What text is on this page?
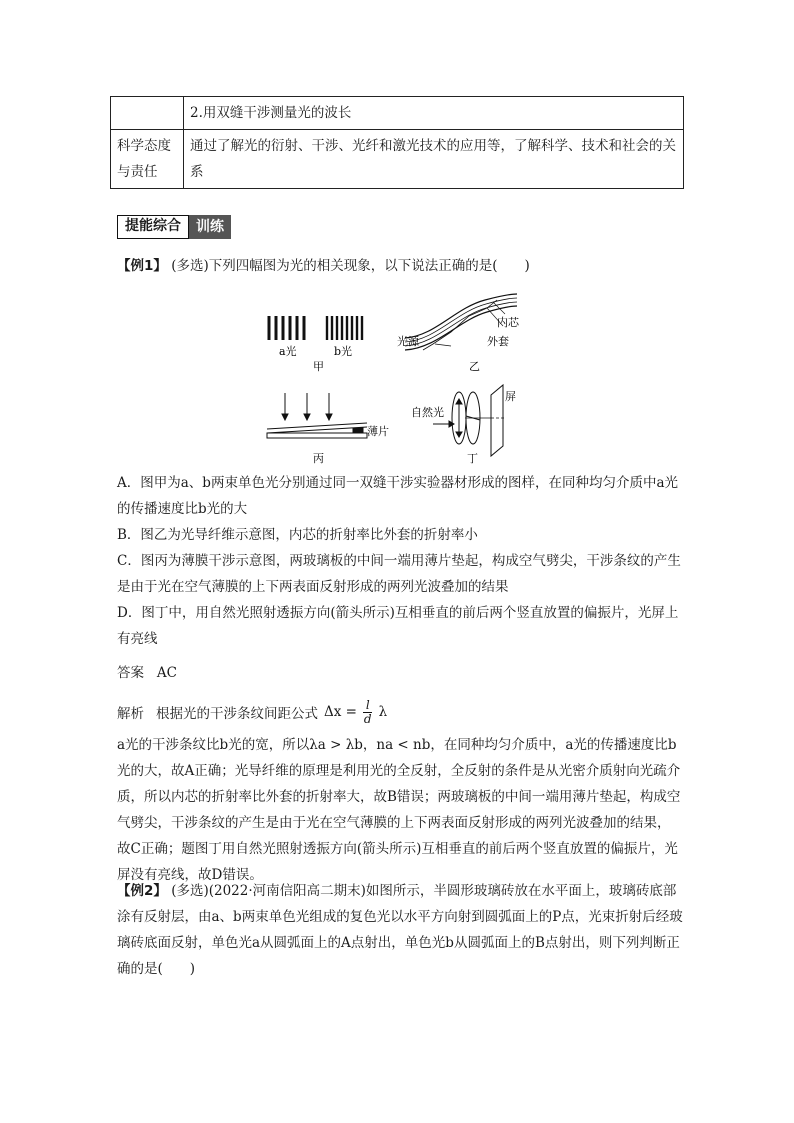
	2.用双缝干涉测量光的波长
科学态度与责任	通过了解光的衍射、干涉、光纤和激光技术的应用等，了解科学、技术和社会的关系
提能综合	训练

【例1】 (多选)下列四幅图为光的相关现象，以下说法正确的是(　　)

a光	b光
甲
光源
内芯
外套
乙
薄片
丙
自然光
屏
丁

A．图甲为a、b两束单色光分别通过同一双缝干涉实验器材形成的图样，在同种均匀介质中a光的传播速度比b光的大

B．图乙为光导纤维示意图，内芯的折射率比外套的折射率小

C．图丙为薄膜干涉示意图，两玻璃板的中间一端用薄片垫起，构成空气劈尖，干涉条纹的产生是由于光在空气薄膜的上下两表面反射形成的两列光波叠加的结果

D．图丁中，用自然光照射透振方向(箭头所示)互相垂直的前后两个竖直放置的偏振片，光屏上有亮线

答案 AC

解析 根据光的干涉条纹间距公式 $\Delta x = \frac{l}{d}$ λ

a光的干涉条纹比b光的宽，所以λa > λb，na < nb，在同种均匀介质中，a光的传播速度比b光的大，故A正确；光导纤维的原理是利用光的全反射，全反射的条件是从光密介质射向光疏介质，所以内芯的折射率比外套的折射率大，故B错误；两玻璃板的中间一端用薄片垫起，构成空气劈尖，干涉条纹的产生是由于光在空气薄膜的上下两表面反射形成的两列光波叠加的结果，故C正确；题图丁用自然光照射透振方向(箭头所示)互相垂直的前后两个竖直放置的偏振片，光屏没有亮线，故D错误。

【例2】 (多选)(2022·河南信阳高二期末)如图所示，半圆形玻璃砖放在水平面上，玻璃砖底部涂有反射层，由a、b两束单色光组成的复色光以水平方向射到圆弧面上的P点，光束折射后经玻璃砖底面反射，单色光a从圆弧面上的A点射出，单色光b从圆弧面上的B点射出，则下列判断正确的是(　　)
